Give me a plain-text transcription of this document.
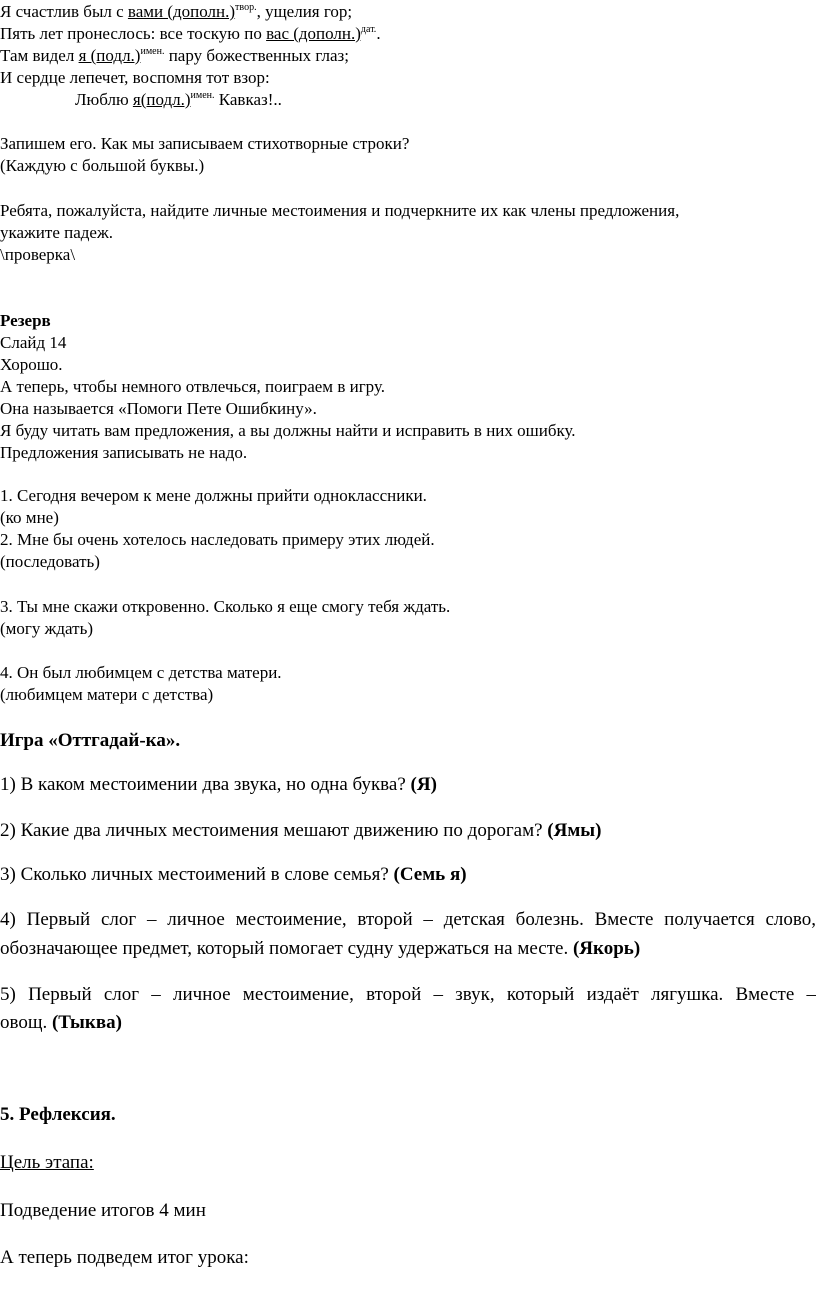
Я счастлив был с вами (дополн.)$^{твор.}$, ущелия гор;
Пять лет пронеслось: все тоскую по вас (дополн.)$^{дат.}$.
Там видел я (подл.)$^{имен.}$ пару божественных глаз;
И сердце лепечет, воспомня тот взор:
Люблю я(подл.)$^{имен.}$ Кавказ!..
Запишем его. Как мы записываем стихотворные строки?
(Каждую с большой буквы.)
Ребята, пожалуйста, найдите личные местоимения и подчеркните их как члены предложения,
укажите падеж.
\проверка\
Резерв
Слайд 14
Хорошо.
А теперь, чтобы немного отвлечься, поиграем в игру.
Она называется «Помоги Пете Ошибкину».
Я буду читать вам предложения, а вы должны найти и исправить в них ошибку.
Предложения записывать не надо.
1. Сегодня вечером к мене должны прийти одноклассники.
(ко мне)
2. Мне бы очень хотелось наследовать примеру этих людей.
(последовать)
3. Ты мне скажи откровенно. Сколько я еще смогу тебя ждать.
(могу ждать)
4. Он был любимцем с детства матери.
(любимцем матери с детства)
Игра «Оттгадай-ка».
1) В каком местоимении два звука, но одна буква? (Я)
2) Какие два личных местоимения мешают движению по дорогам? (Ямы)
3) Сколько личных местоимений в слове семья? (Семь я)
4) Первый слог – личное местоимение, второй – детская болезнь. Вместе получается слово,
обозначающее предмет, который помогает судну удержаться на месте. (Якорь)
5) Первый слог – личное местоимение, второй – звук, который издаёт лягушка. Вместе –
овощ. (Тыква)
5. Рефлексия.
Цель этапа:
Подведение итогов 4 мин
А теперь подведем итог урока:
